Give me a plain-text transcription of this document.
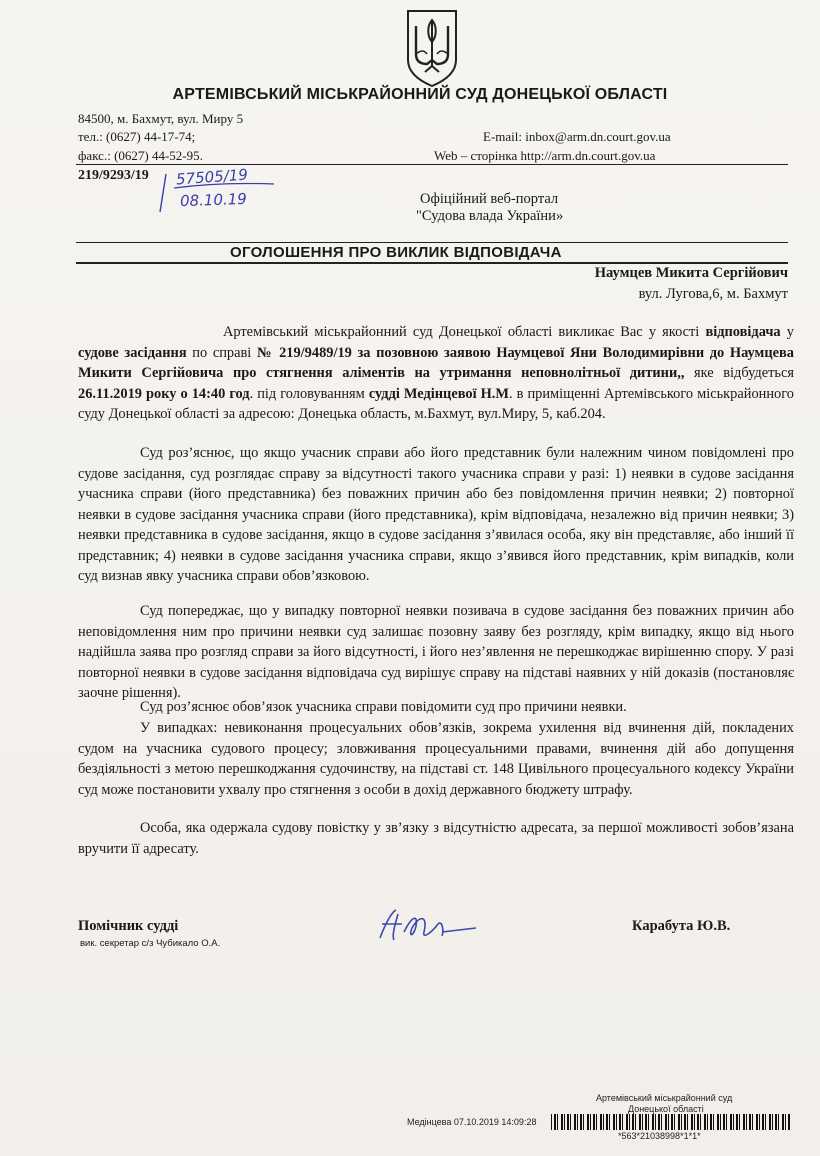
АРТЕМІВСЬКИЙ МІСЬКРАЙОННИЙ СУД ДОНЕЦЬКОЇ ОБЛАСТІ
84500, м. Бахмут, вул. Миру 5
тел.: (0627) 44-17-74;	E-mail: inbox@arm.dn.court.gov.ua
факс.: (0627) 44-52-95.	Web – сторінка http://arm.dn.court.gov.ua
219/9293/19 57505/19
08.10.19	Офіційний веб-портал
"Судова влада України»
ОГОЛОШЕННЯ ПРО ВИКЛИК ВІДПОВІДАЧА
Наумцев Микита Сергійович
вул. Лугова,6, м. Бахмут
Артемівський міськрайонний суд Донецької області викликає Вас у якості відповідача у судове засідання по справі № 219/9489/19 за позовною заявою Наумцевої Яни Володимирівни до Наумцева Микити Сергійовича про стягнення аліментів на утримання неповнолітньої дитини,, яке відбудеться 26.11.2019 року о 14:40 год. під головуванням судді Медінцевої Н.М. в приміщенні Артемівського міськрайонного суду Донецької області за адресою: Донецька область, м.Бахмут, вул.Миру, 5, каб.204.
Суд роз’яснює, що якщо учасник справи або його представник були належним чином повідомлені про судове засідання, суд розглядає справу за відсутності такого учасника справи у разі: 1) неявки в судове засідання учасника справи (його представника) без поважних причин або без повідомлення причин неявки; 2) повторної неявки в судове засідання учасника справи (його представника), крім відповідача, незалежно від причин неявки; 3) неявки представника в судове засідання, якщо в судове засідання з’явилася особа, яку він представляє, або інший її представник; 4) неявки в судове засідання учасника справи, якщо з’явився його представник, крім випадків, коли суд визнав явку учасника справи обов’язковою.
Суд попереджає, що у випадку повторної неявки позивача в судове засідання без поважних причин або неповідомлення ним про причини неявки суд залишає позовну заяву без розгляду, крім випадку, якщо від нього надійшла заява про розгляд справи за його відсутності, і його нез’явлення не перешкоджає вирішенню спору. У разі повторної неявки в судове засідання відповідача суд вирішує справу на підставі наявних у ній доказів (постановляє заочне рішення).
Суд роз’яснює обов’язок учасника справи повідомити суд про причини неявки.
У випадках: невиконання процесуальних обов’язків, зокрема ухилення від вчинення дій, покладених судом на учасника судового процесу; зловживання процесуальними правами, вчинення дій або допущення бездіяльності з метою перешкоджання судочинству, на підставі ст. 148 Цивільного процесуального кодексу України суд може постановити ухвалу про стягнення з особи в дохід державного бюджету штрафу.
Особа, яка одержала судову повістку у зв’язку з відсутністю адресата, за першої можливості зобов’язана вручити її адресату.
Помічник судді
вик. секретар с/з Чубикало О.А.
Карабута Ю.В.
Артемівський міськрайонний суд
Донецької області
Медінцева 07.10.2019 14:09:28
*563*21038998*1*1*
